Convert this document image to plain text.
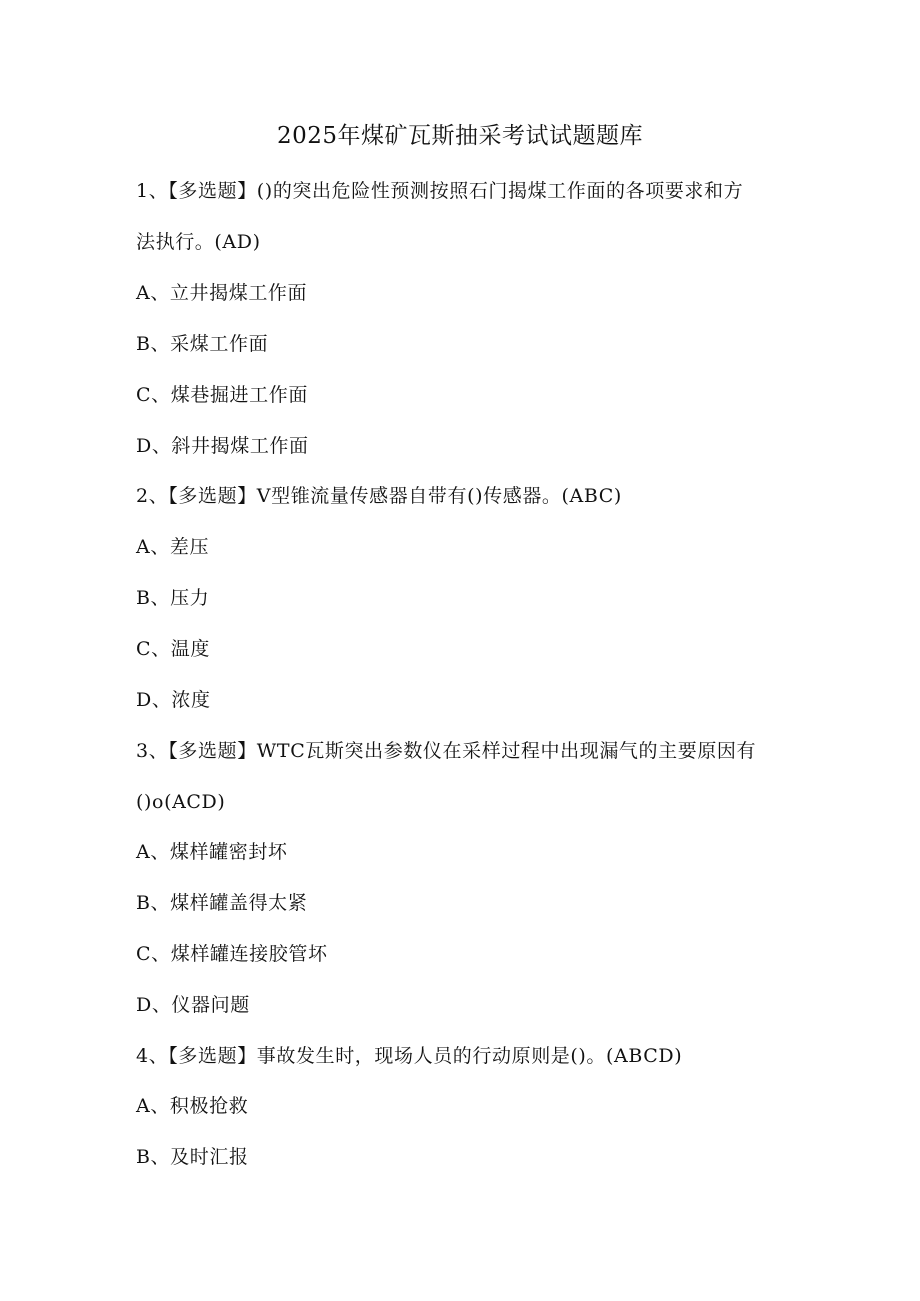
2025年煤矿瓦斯抽采考试试题题库
1、【多选题】()的突出危险性预测按照石门揭煤工作面的各项要求和方
法执行。(AD)
A、立井揭煤工作面
B、采煤工作面
C、煤巷掘进工作面
D、斜井揭煤工作面
2、【多选题】V型锥流量传感器自带有()传感器。(ABC)
A、差压
B、压力
C、温度
D、浓度
3、【多选题】WTC瓦斯突出参数仪在采样过程中出现漏气的主要原因有
()o(ACD)
A、煤样罐密封坏
B、煤样罐盖得太紧
C、煤样罐连接胶管坏
D、仪器问题
4、【多选题】事故发生时，现场人员的行动原则是()。(ABCD)
A、积极抢救
B、及时汇报
